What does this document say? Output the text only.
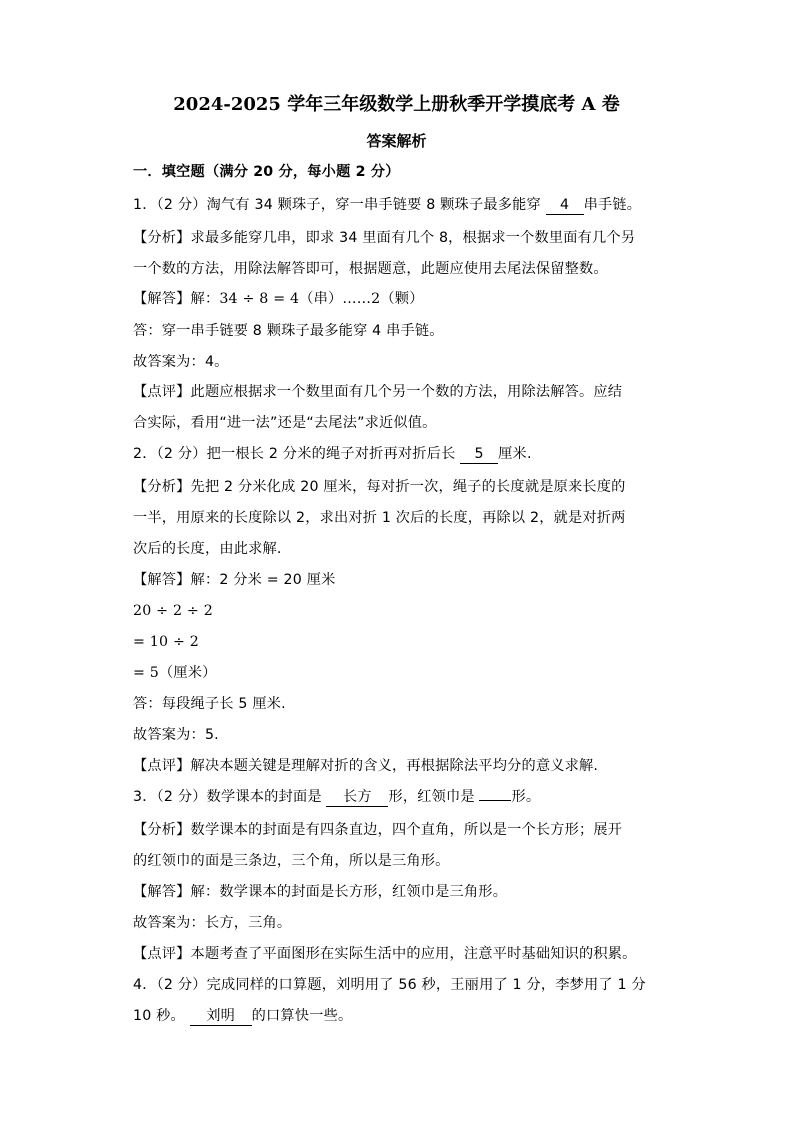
2024-2025 学年三年级数学上册秋季开学摸底考 A 卷
答案解析
一．填空题（满分 20 分，每小题 2 分）
1．（2 分）淘气有 34 颗珠子，穿一串手链要 8 颗珠子最多能穿 4 串手链。
【分析】求最多能穿几串，即求 34 里面有几个 8，根据求一个数里面有几个另
一个数的方法，用除法解答即可，根据题意，此题应使用去尾法保留整数。
【解答】解：34 ÷ 8 = 4（串）……2（颗）
答：穿一串手链要 8 颗珠子最多能穿 4 串手链。
故答案为：4。
【点评】此题应根据求一个数里面有几个另一个数的方法，用除法解答。应结
合实际，看用“进一法”还是“去尾法”求近似值。
2．（2 分）把一根长 2 分米的绳子对折再对折后长 5 厘米.
【分析】先把 2 分米化成 20 厘米，每对折一次，绳子的长度就是原来长度的
一半，用原来的长度除以 2，求出对折 1 次后的长度，再除以 2，就是对折两
次后的长度，由此求解.
【解答】解：2 分米 = 20 厘米
20 ÷ 2 ÷ 2
= 10 ÷ 2
= 5（厘米）
答：每段绳子长 5 厘米.
故答案为：5.
【点评】解决本题关键是理解对折的含义，再根据除法平均分的意义求解.
3．（2 分）数学课本的封面是 长方 形，红领巾是 形。
【分析】数学课本的封面是有四条直边，四个直角，所以是一个长方形；展开
的红领巾的面是三条边，三个角，所以是三角形。
【解答】解：数学课本的封面是长方形，红领巾是三角形。
故答案为：长方，三角。
【点评】本题考查了平面图形在实际生活中的应用，注意平时基础知识的积累。
4．（2 分）完成同样的口算题，刘明用了 56 秒，王丽用了 1 分，李梦用了 1 分
10 秒。 刘明 的口算快一些。
